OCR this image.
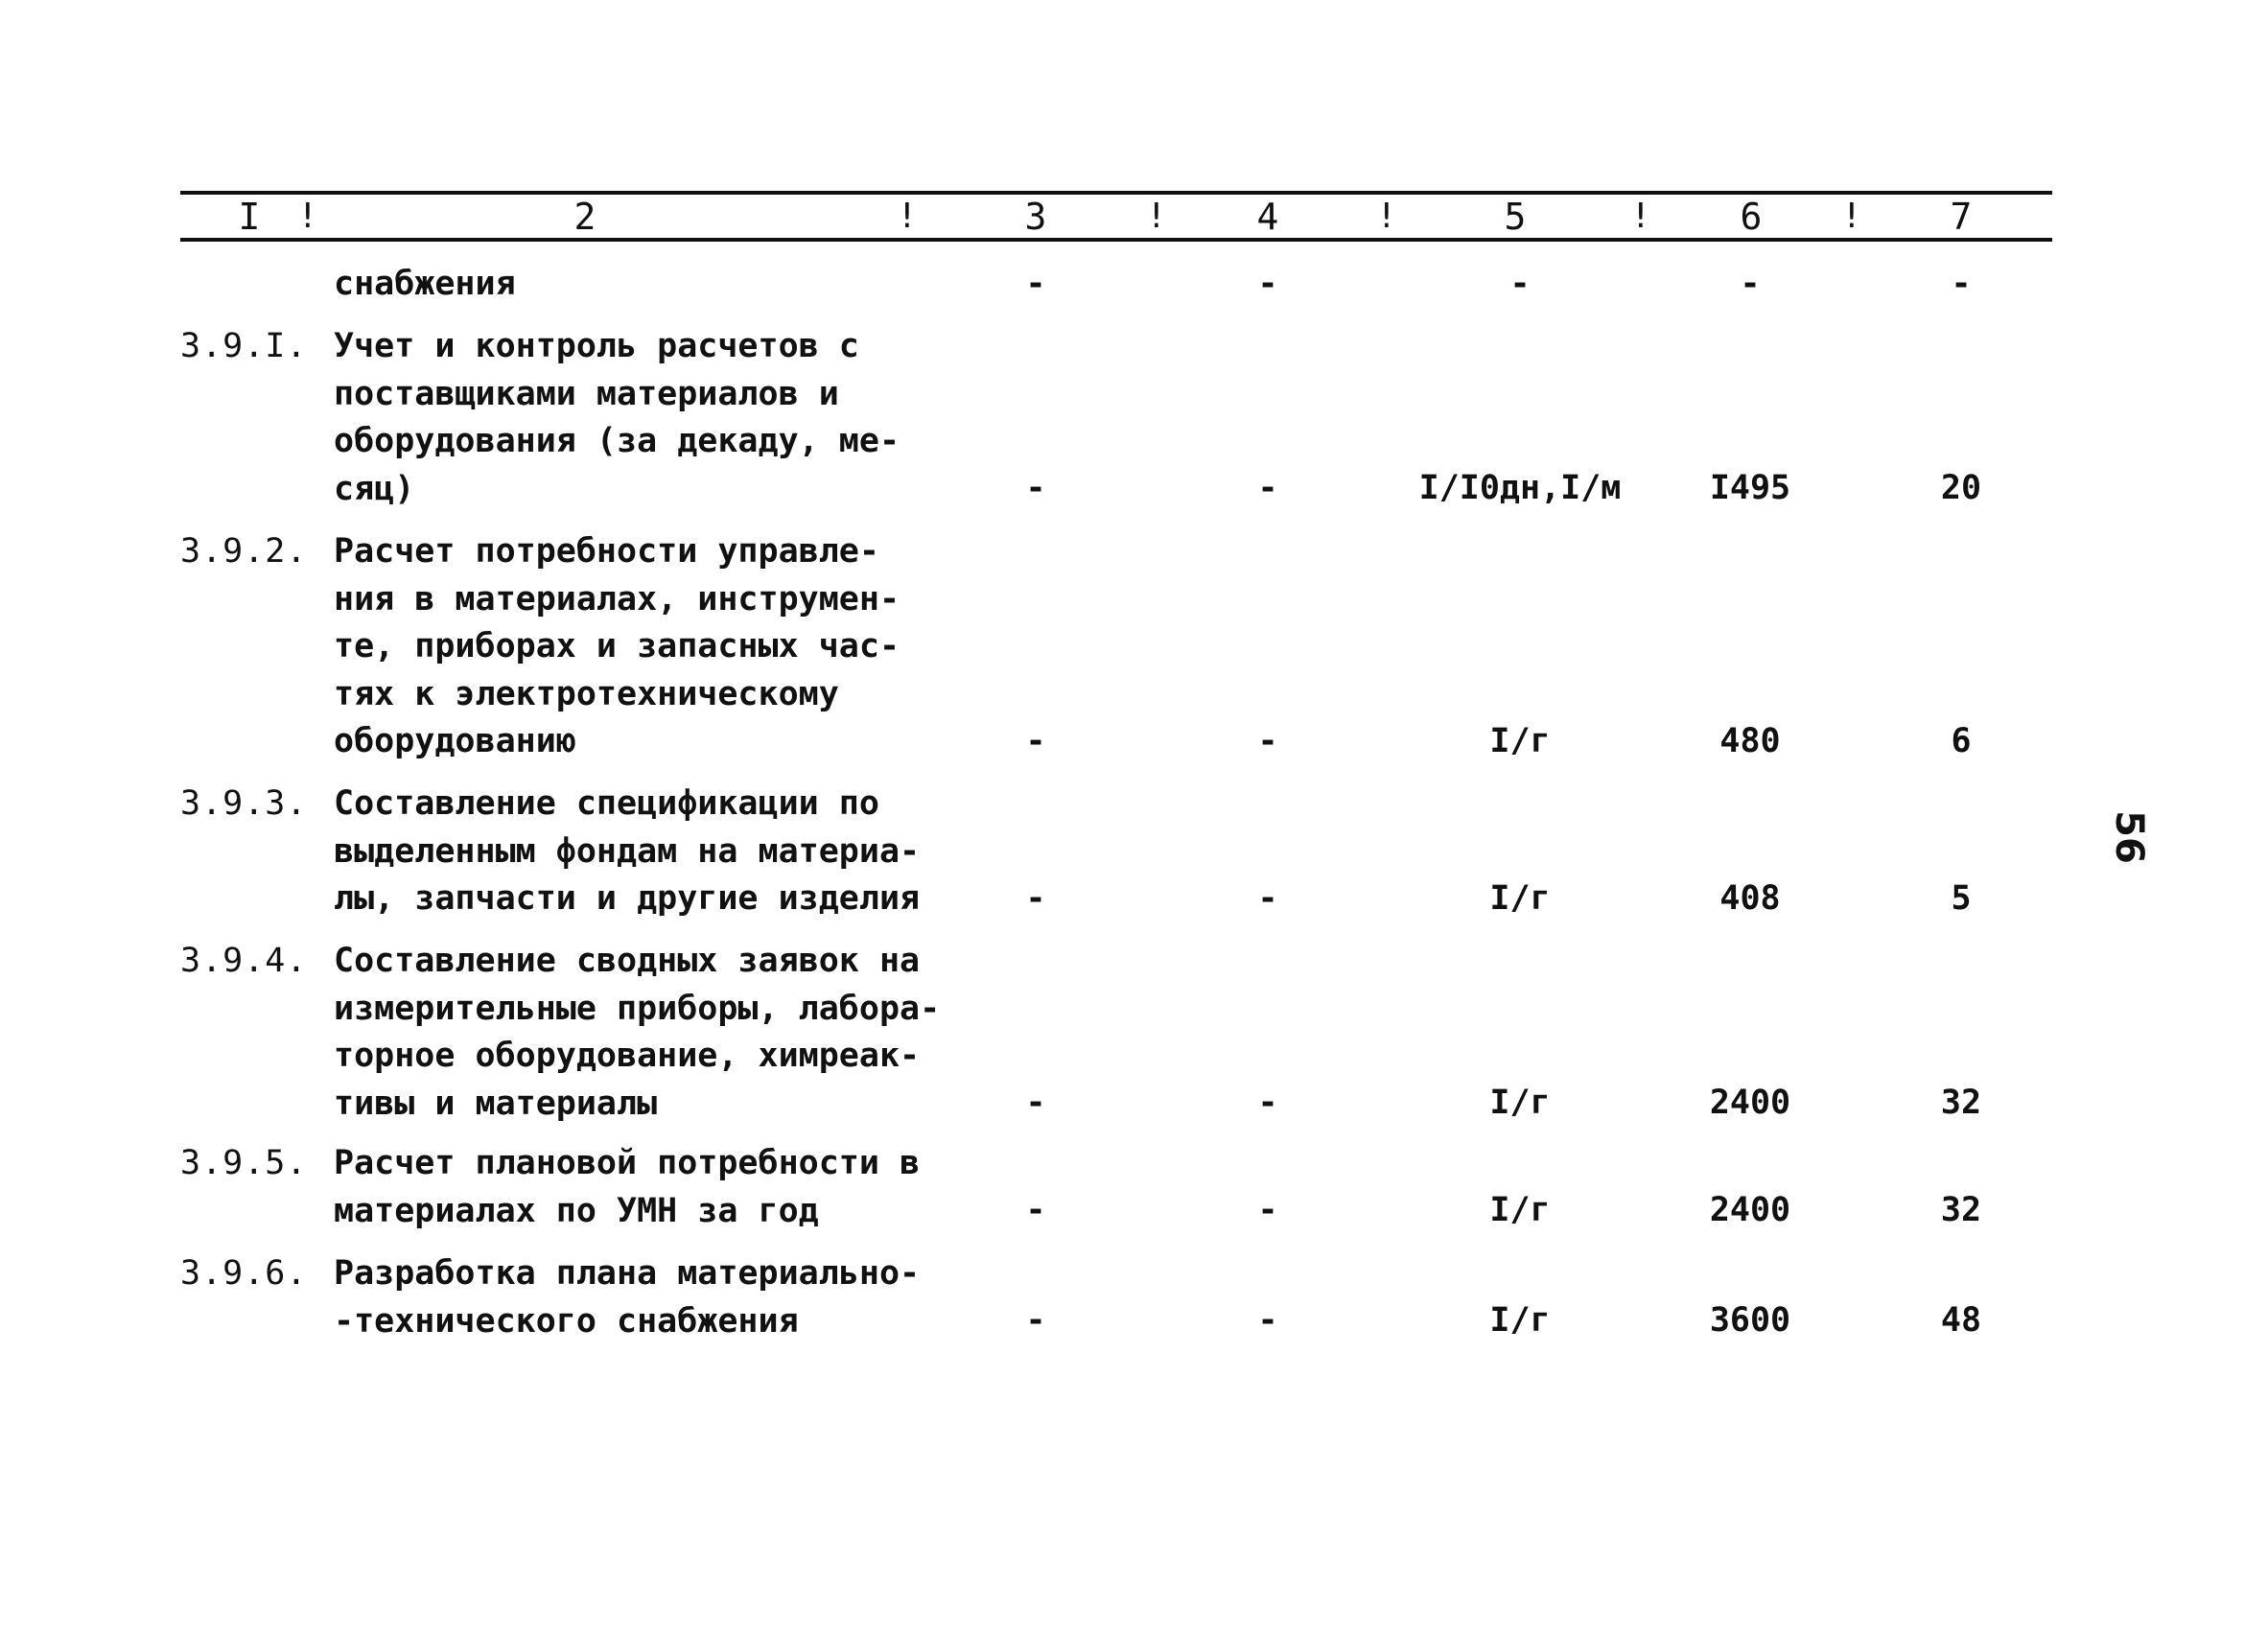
I !	2	!	3	! 4	!	5	! 6 ! 7
снабжения	-	-	-	-	-
3.9.I. Учет и контроль расчетов с
поставщиками материалов и
оборудования (за декаду, ме-
сяц)	-	-	I/I0дн,I/м	I495	20
3.9.2. Расчет потребности управле-
ния в материалах, инструмен-
те, приборах и запасных час-
тях к электротехническому
оборудованию	-	-	I/г	480	6
3.9.3. Составление спецификации по
выделенным фондам на материа-
лы, запчасти и другие изделия	-	-	I/г	408	5
3.9.4. Составление сводных заявок на
измерительные приборы, лабора-
торное оборудование, химреак-
тивы и материалы	-	-	I/г	2400	32
3.9.5. Расчет плановой потребности в
материалах по УМН за год	-	-	I/г	2400	32
3.9.6. Разработка плана материально-
-технического снабжения	-	-	I/г	3600	48
56
